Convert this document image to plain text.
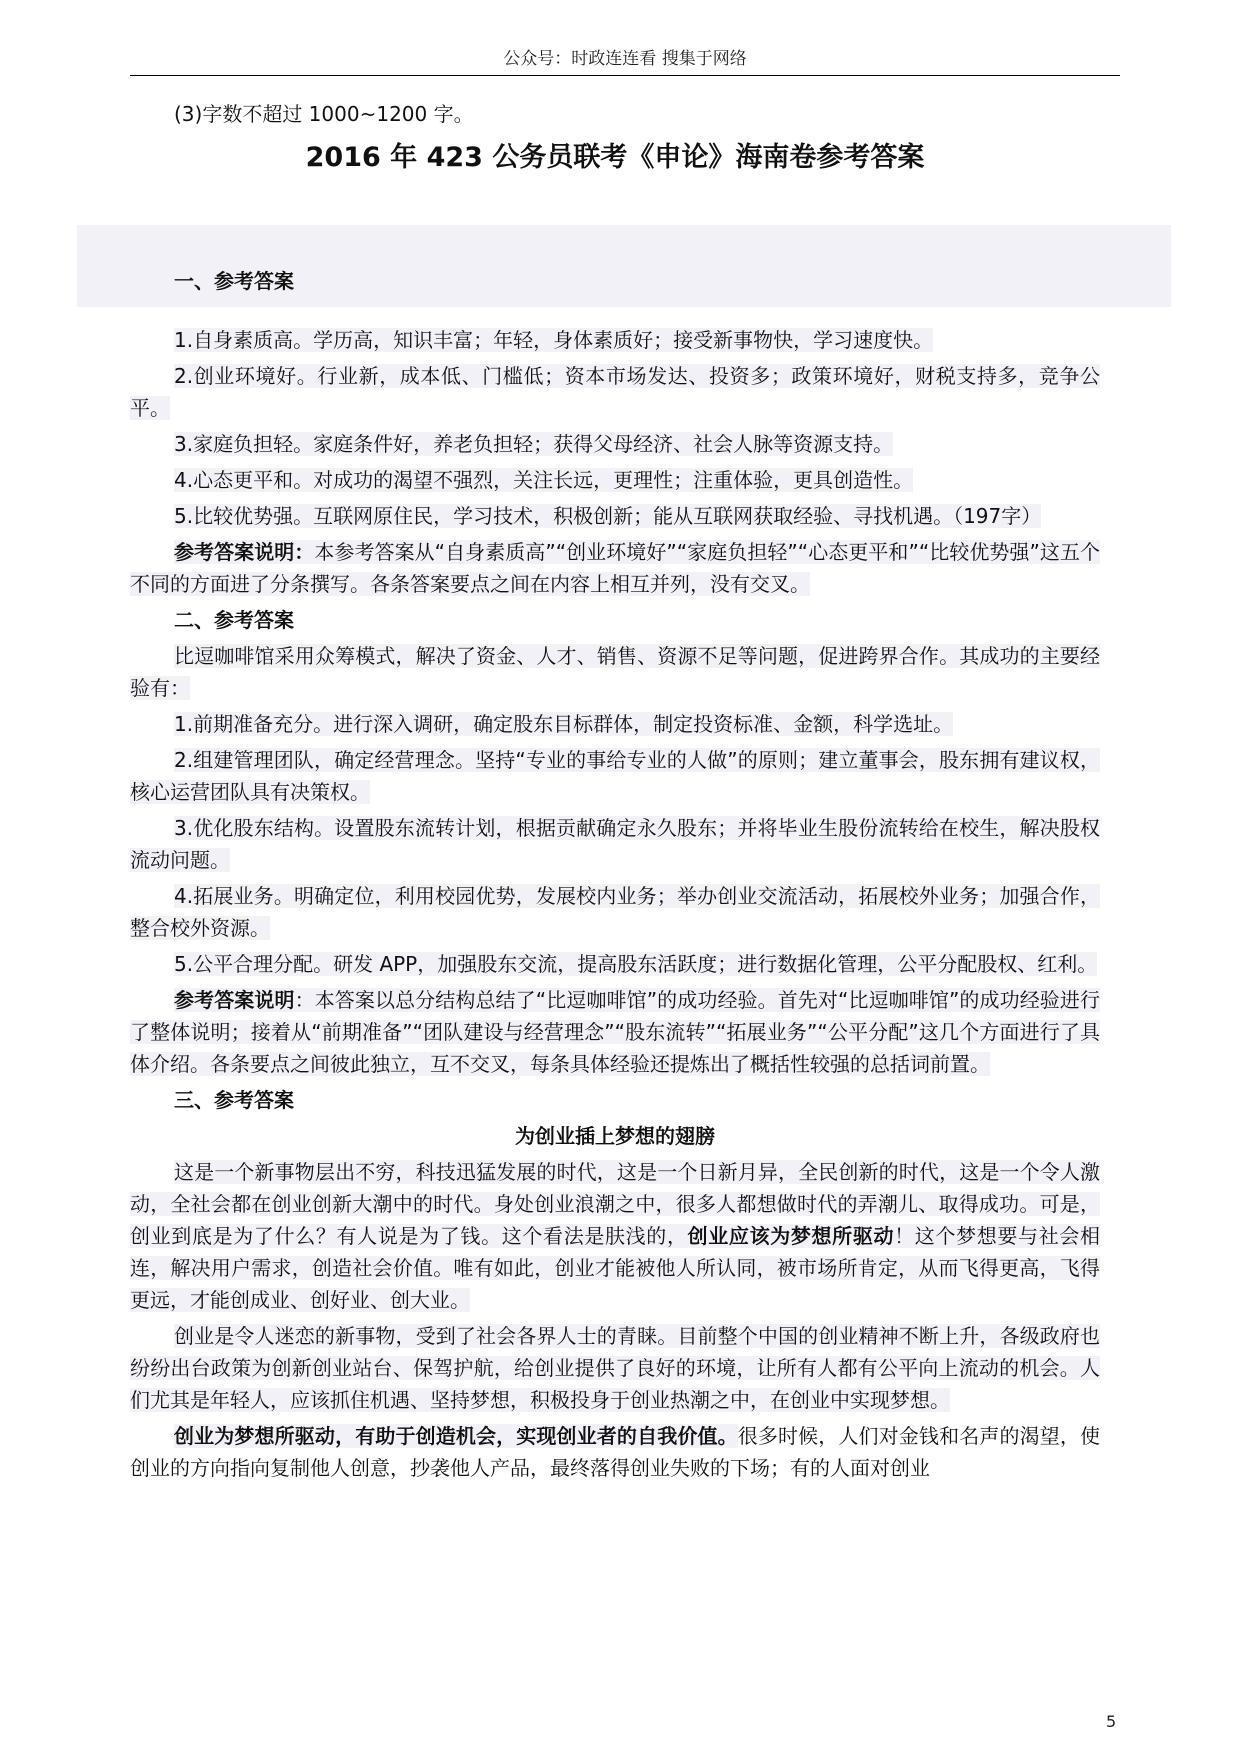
公众号：时政连连看 搜集于网络
一、参考答案

(3)字数不超过 1000~1200 字。

2016 年 423 公务员联考《申论》海南卷参考答案

1.自身素质高。学历高，知识丰富；年轻，身体素质好；接受新事物快，学习速度快。

2.创业环境好。行业新，成本低、门槛低；资本市场发达、投资多；政策环境好，财税支持多，竞争公平。

3.家庭负担轻。家庭条件好，养老负担轻；获得父母经济、社会人脉等资源支持。

4.心态更平和。对成功的渴望不强烈，关注长远，更理性；注重体验，更具创造性。

5.比较优势强。互联网原住民，学习技术，积极创新；能从互联网获取经验、寻找机遇。（197字）

参考答案说明：本参考答案从“自身素质高”“创业环境好”“家庭负担轻”“心态更平和”“比较优势强”这五个不同的方面进了分条撰写。各条答案要点之间在内容上相互并列，没有交叉。

二、参考答案

比逗咖啡馆采用众筹模式，解决了资金、人才、销售、资源不足等问题，促进跨界合作。其成功的主要经验有：

1.前期准备充分。进行深入调研，确定股东目标群体，制定投资标准、金额，科学选址。

2.组建管理团队，确定经营理念。坚持“专业的事给专业的人做”的原则；建立董事会，股东拥有建议权，核心运营团队具有决策权。

3.优化股东结构。设置股东流转计划，根据贡献确定永久股东；并将毕业生股份流转给在校生，解决股权流动问题。

4.拓展业务。明确定位，利用校园优势，发展校内业务；举办创业交流活动，拓展校外业务；加强合作，整合校外资源。

5.公平合理分配。研发 APP，加强股东交流，提高股东活跃度；进行数据化管理，公平分配股权、红利。

参考答案说明：本答案以总分结构总结了“比逗咖啡馆”的成功经验。首先对“比逗咖啡馆”的成功经验进行了整体说明；接着从“前期准备”“团队建设与经营理念”“股东流转”“拓展业务”“公平分配”这几个方面进行了具体介绍。各条要点之间彼此独立，互不交叉，每条具体经验还提炼出了概括性较强的总括词前置。

三、参考答案

为创业插上梦想的翅膀

这是一个新事物层出不穷，科技迅猛发展的时代，这是一个日新月异，全民创新的时代，这是一个令人激动，全社会都在创业创新大潮中的时代。身处创业浪潮之中，很多人都想做时代的弄潮儿、取得成功。可是，创业到底是为了什么？有人说是为了钱。这个看法是肤浅的，创业应该为梦想所驱动！这个梦想要与社会相连，解决用户需求，创造社会价值。唯有如此，创业才能被他人所认同，被市场所肯定，从而飞得更高，飞得更远，才能创成业、创好业、创大业。

创业是令人迷恋的新事物，受到了社会各界人士的青睐。目前整个中国的创业精神不断上升，各级政府也纷纷出台政策为创新创业站台、保驾护航，给创业提供了良好的环境，让所有人都有公平向上流动的机会。人们尤其是年轻人，应该抓住机遇、坚持梦想，积极投身于创业热潮之中，在创业中实现梦想。

创业为梦想所驱动，有助于创造机会，实现创业者的自我价值。很多时候，人们对金钱和名声的渴望，使创业的方向指向复制他人创意，抄袭他人产品，最终落得创业失败的下场；有的人面对创业

5
